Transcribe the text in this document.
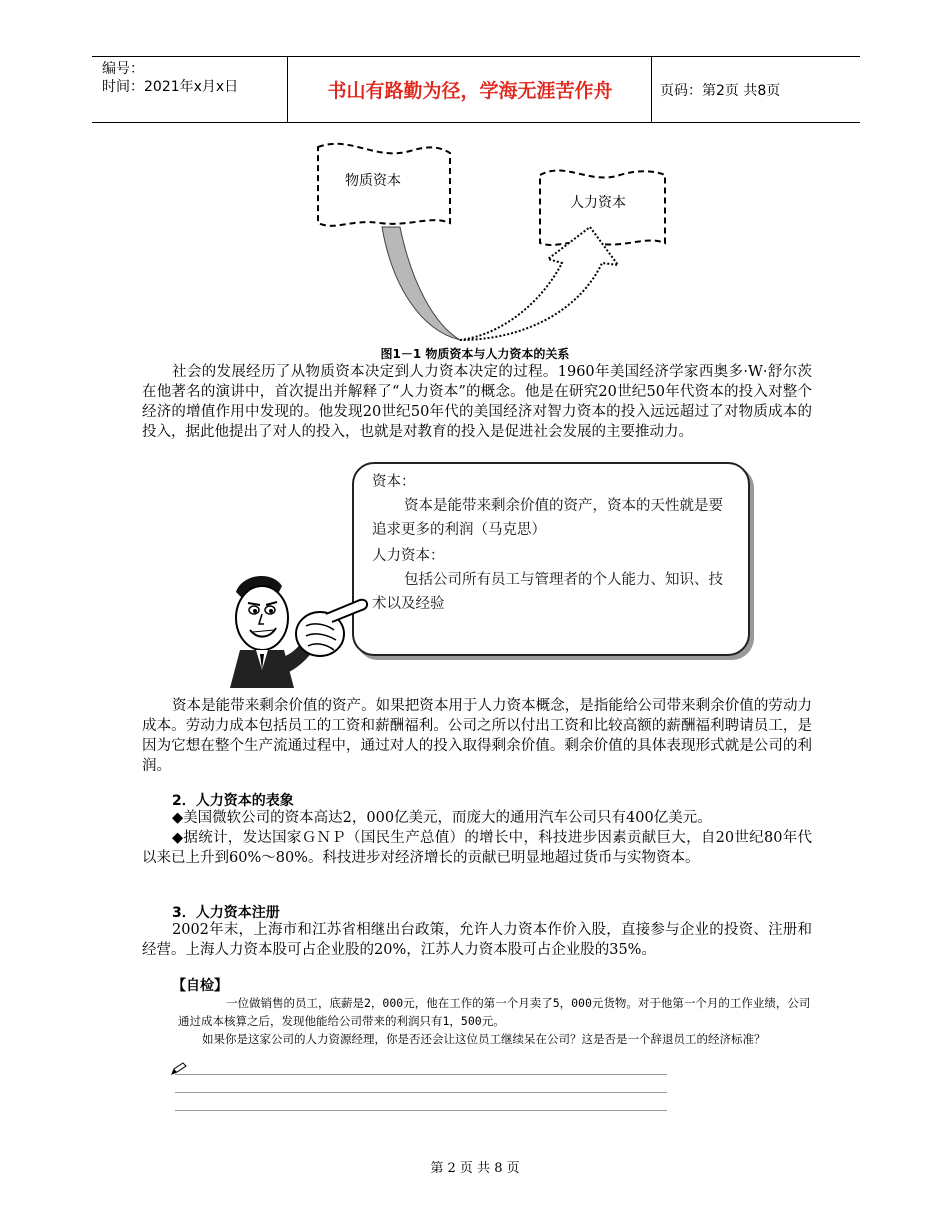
编号：
时间：2021年x月x日	书山有路勤为径，学海无涯苦作舟	页码：第2页 共8页
物质资本
人力资本
图1－1 物质资本与人力资本的关系
社会的发展经历了从物质资本决定到人力资本决定的过程。1960年美国经济学家西奥多·W·舒尔茨在他著名的演讲中，首次提出并解释了“人力资本”的概念。他是在研究20世纪50年代资本的投入对整个经济的增值作用中发现的。他发现20世纪50年代的美国经济对智力资本的投入远远超过了对物质成本的投入，据此他提出了对人的投入，也就是对教育的投入是促进社会发展的主要推动力。
资本：
资本是能带来剩余价值的资产，资本的天性就是要追求更多的利润（马克思）
人力资本：
包括公司所有员工与管理者的个人能力、知识、技术以及经验
资本是能带来剩余价值的资产。如果把资本用于人力资本概念，是指能给公司带来剩余价值的劳动力成本。劳动力成本包括员工的工资和薪酬福利。公司之所以付出工资和比较高额的薪酬福利聘请员工，是因为它想在整个生产流通过程中，通过对人的投入取得剩余价值。剩余价值的具体表现形式就是公司的利润。
2．人力资本的表象
◆美国微软公司的资本高达2，000亿美元，而庞大的通用汽车公司只有400亿美元。
◆据统计，发达国家ＧＮＰ（国民生产总值）的增长中，科技进步因素贡献巨大，自20世纪80年代以来已上升到60%～80%。科技进步对经济增长的贡献已明显地超过货币与实物资本。
3．人力资本注册
2002年末，上海市和江苏省相继出台政策，允许人力资本作价入股，直接参与企业的投资、注册和经营。上海人力资本股可占企业股的20%，江苏人力资本股可占企业股的35%。
【自检】
一位做销售的员工，底薪是2，000元，他在工作的第一个月卖了5，000元货物。对于他第一个月的工作业绩，公司通过成本核算之后，发现他能给公司带来的利润只有1，500元。
如果你是这家公司的人力资源经理，你是否还会让这位员工继续呆在公司？这是否是一个辞退员工的经济标准？
第 2 页 共 8 页
